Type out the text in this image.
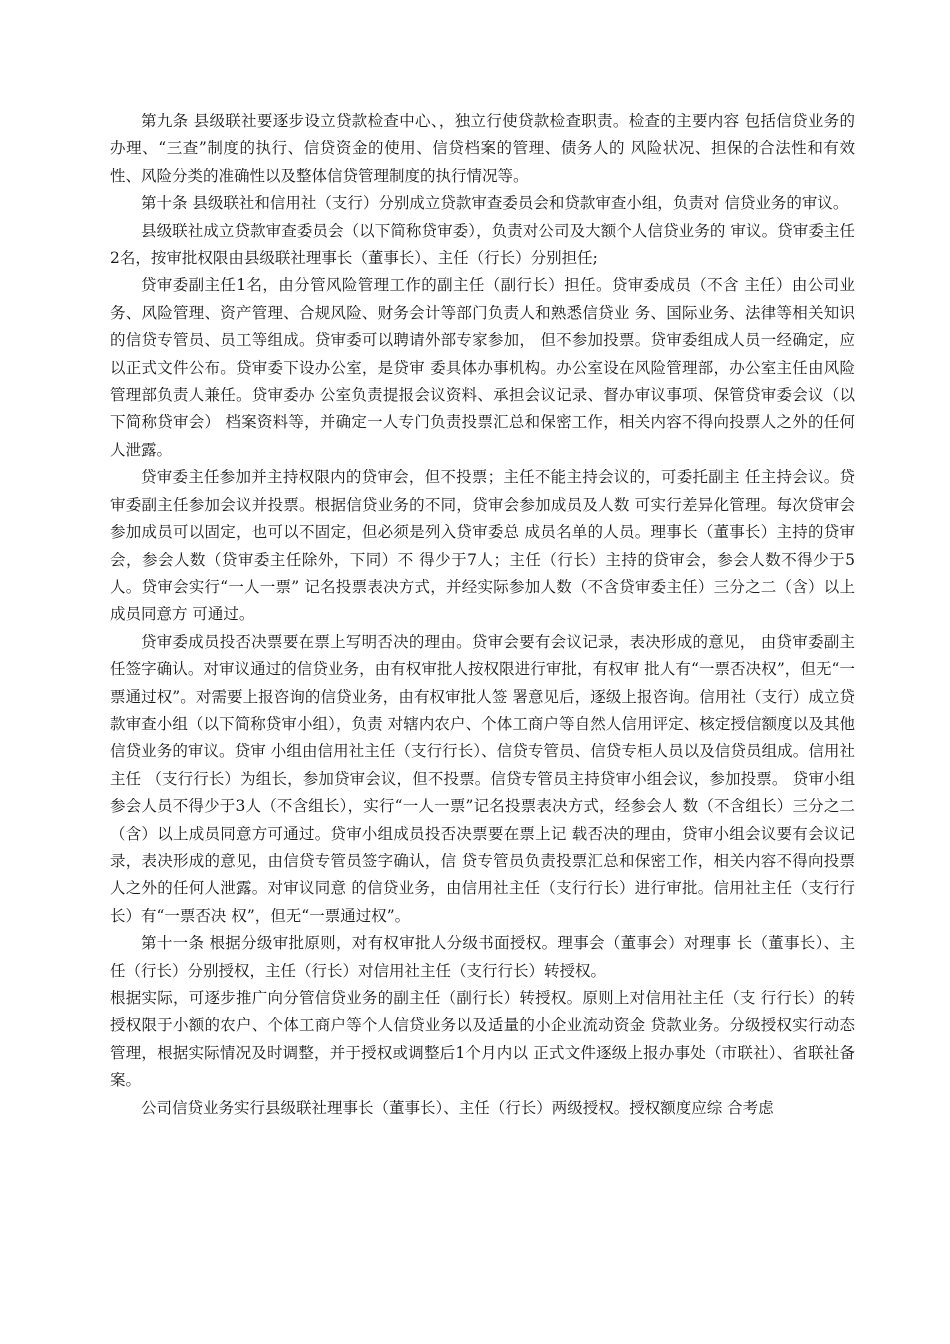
第九条 县级联社要逐步设立贷款检查中心、，独立行使贷款检查职责。检查的主要内容 包括信贷业务的办理、“三查”制度的执行、信贷资金的使用、信贷档案的管理、债务人的 风险状况、担保的合法性和有效性、风险分类的准确性以及整体信贷管理制度的执行情况等。

第十条 县级联社和信用社（支行）分别成立贷款审查委员会和贷款审查小组，负责对 信贷业务的审议。

县级联社成立贷款审查委员会（以下简称贷审委），负责对公司及大额个人信贷业务的 审议。贷审委主任2名，按审批权限由县级联社理事长（董事长）、主任（行长）分别担任;

贷审委副主任1名，由分管风险管理工作的副主任（副行长）担任。贷审委成员（不含 主任）由公司业务、风险管理、资产管理、合规风险、财务会计等部门负责人和熟悉信贷业 务、国际业务、法律等相关知识的信贷专管员、员工等组成。贷审委可以聘请外部专家参加， 但不参加投票。贷审委组成人员一经确定，应以正式文件公布。贷审委下设办公室，是贷审 委具体办事机构。办公室设在风险管理部，办公室主任由风险管理部负责人兼任。贷审委办 公室负责提报会议资料、承担会议记录、督办审议事项、保管贷审委会议（以下简称贷审会） 档案资料等，并确定一人专门负责投票汇总和保密工作，相关内容不得向投票人之外的任何 人泄露。

贷审委主任参加并主持权限内的贷审会，但不投票；主任不能主持会议的，可委托副主 任主持会议。贷审委副主任参加会议并投票。根据信贷业务的不同，贷审会参加成员及人数 可实行差异化管理。每次贷审会参加成员可以固定，也可以不固定，但必须是列入贷审委总 成员名单的人员。理事长（董事长）主持的贷审会，参会人数（贷审委主任除外，下同）不 得少于7人；主任（行长）主持的贷审会，参会人数不得少于5人。贷审会实行“一人一票” 记名投票表决方式，并经实际参加人数（不含贷审委主任）三分之二（含）以上成员同意方 可通过。

贷审委成员投否决票要在票上写明否决的理由。贷审会要有会议记录，表决形成的意见， 由贷审委副主任签字确认。对审议通过的信贷业务，由有权审批人按权限进行审批，有权审 批人有“一票否决权”，但无“一票通过权”。对需要上报咨询的信贷业务，由有权审批人签 署意见后，逐级上报咨询。信用社（支行）成立贷款审查小组（以下简称贷审小组），负责 对辖内农户、个体工商户等自然人信用评定、核定授信额度以及其他信贷业务的审议。贷审 小组由信用社主任（支行行长）、信贷专管员、信贷专柜人员以及信贷员组成。信用社主任 （支行行长）为组长，参加贷审会议，但不投票。信贷专管员主持贷审小组会议，参加投票。 贷审小组参会人员不得少于3人（不含组长），实行“一人一票”记名投票表决方式，经参会人 数（不含组长）三分之二（含）以上成员同意方可通过。贷审小组成员投否决票要在票上记 载否决的理由，贷审小组会议要有会议记录，表决形成的意见，由信贷专管员签字确认，信 贷专管员负责投票汇总和保密工作，相关内容不得向投票人之外的任何人泄露。对审议同意 的信贷业务，由信用社主任（支行行长）进行审批。信用社主任（支行行长）有“一票否决 权”，但无“一票通过权”。

第十一条 根据分级审批原则，对有权审批人分级书面授权。理事会（董事会）对理事 长（董事长）、主任（行长）分别授权，主任（行长）对信用社主任（支行行长）转授权。

根据实际，可逐步推广向分管信贷业务的副主任（副行长）转授权。原则上对信用社主任（支 行行长）的转授权限于小额的农户、个体工商户等个人信贷业务以及适量的小企业流动资金 贷款业务。分级授权实行动态管理，根据实际情况及时调整，并于授权或调整后1个月内以 正式文件逐级上报办事处（市联社）、省联社备案。

公司信贷业务实行县级联社理事长（董事长）、主任（行长）两级授权。授权额度应综 合考虑
